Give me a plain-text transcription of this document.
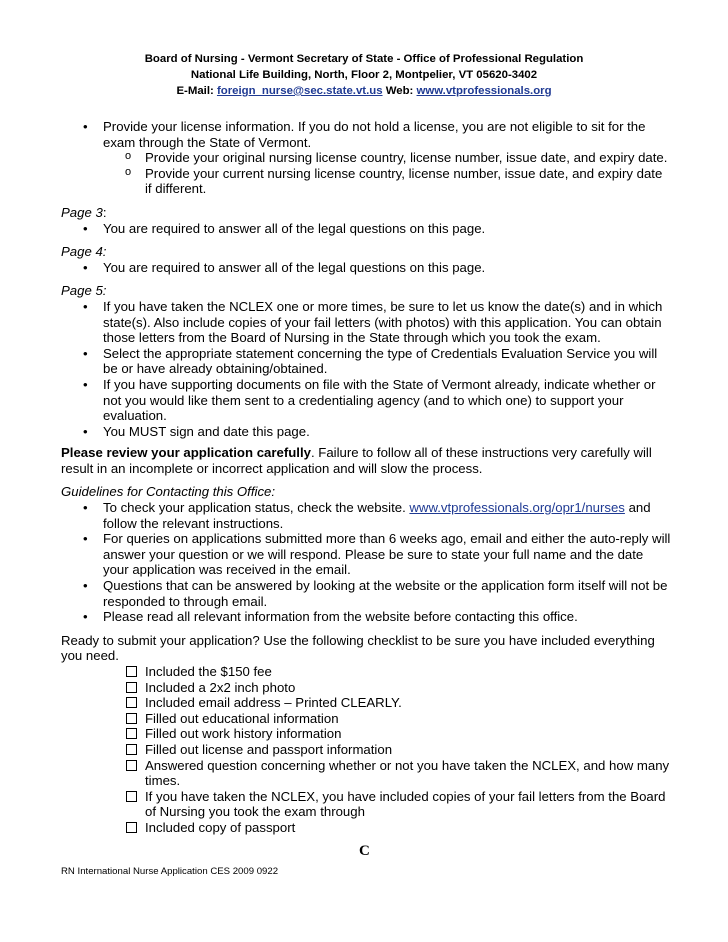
Board of Nursing - Vermont Secretary of State - Office of Professional Regulation
National Life Building, North, Floor 2, Montpelier, VT 05620-3402
E-Mail: foreign_nurse@sec.state.vt.us Web: www.vtprofessionals.org
• Provide your license information. If you do not hold a license, you are not eligible to sit for the exam through the State of Vermont.
o Provide your original nursing license country, license number, issue date, and expiry date.
o Provide your current nursing license country, license number, issue date, and expiry date if different.
Page 3:
• You are required to answer all of the legal questions on this page.
Page 4:
• You are required to answer all of the legal questions on this page.
Page 5:
• If you have taken the NCLEX one or more times, be sure to let us know the date(s) and in which state(s). Also include copies of your fail letters (with photos) with this application. You can obtain those letters from the Board of Nursing in the State through which you took the exam.
• Select the appropriate statement concerning the type of Credentials Evaluation Service you will be or have already obtaining/obtained.
• If you have supporting documents on file with the State of Vermont already, indicate whether or not you would like them sent to a credentialing agency (and to which one) to support your evaluation.
• You MUST sign and date this page.
Please review your application carefully. Failure to follow all of these instructions very carefully will result in an incomplete or incorrect application and will slow the process.
Guidelines for Contacting this Office:
• To check your application status, check the website. www.vtprofessionals.org/opr1/nurses and follow the relevant instructions.
• For queries on applications submitted more than 6 weeks ago, email and either the auto-reply will answer your question or we will respond. Please be sure to state your full name and the date your application was received in the email.
• Questions that can be answered by looking at the website or the application form itself will not be responded to through email.
• Please read all relevant information from the website before contacting this office.
Ready to submit your application? Use the following checklist to be sure you have included everything you need.
Included the $150 fee
Included a 2x2 inch photo
Included email address – Printed CLEARLY.
Filled out educational information
Filled out work history information
Filled out license and passport information
Answered question concerning whether or not you have taken the NCLEX, and how many times.
If you have taken the NCLEX, you have included copies of your fail letters from the Board of Nursing you took the exam through
Included copy of passport
C
RN International Nurse Application CES 2009 0922
